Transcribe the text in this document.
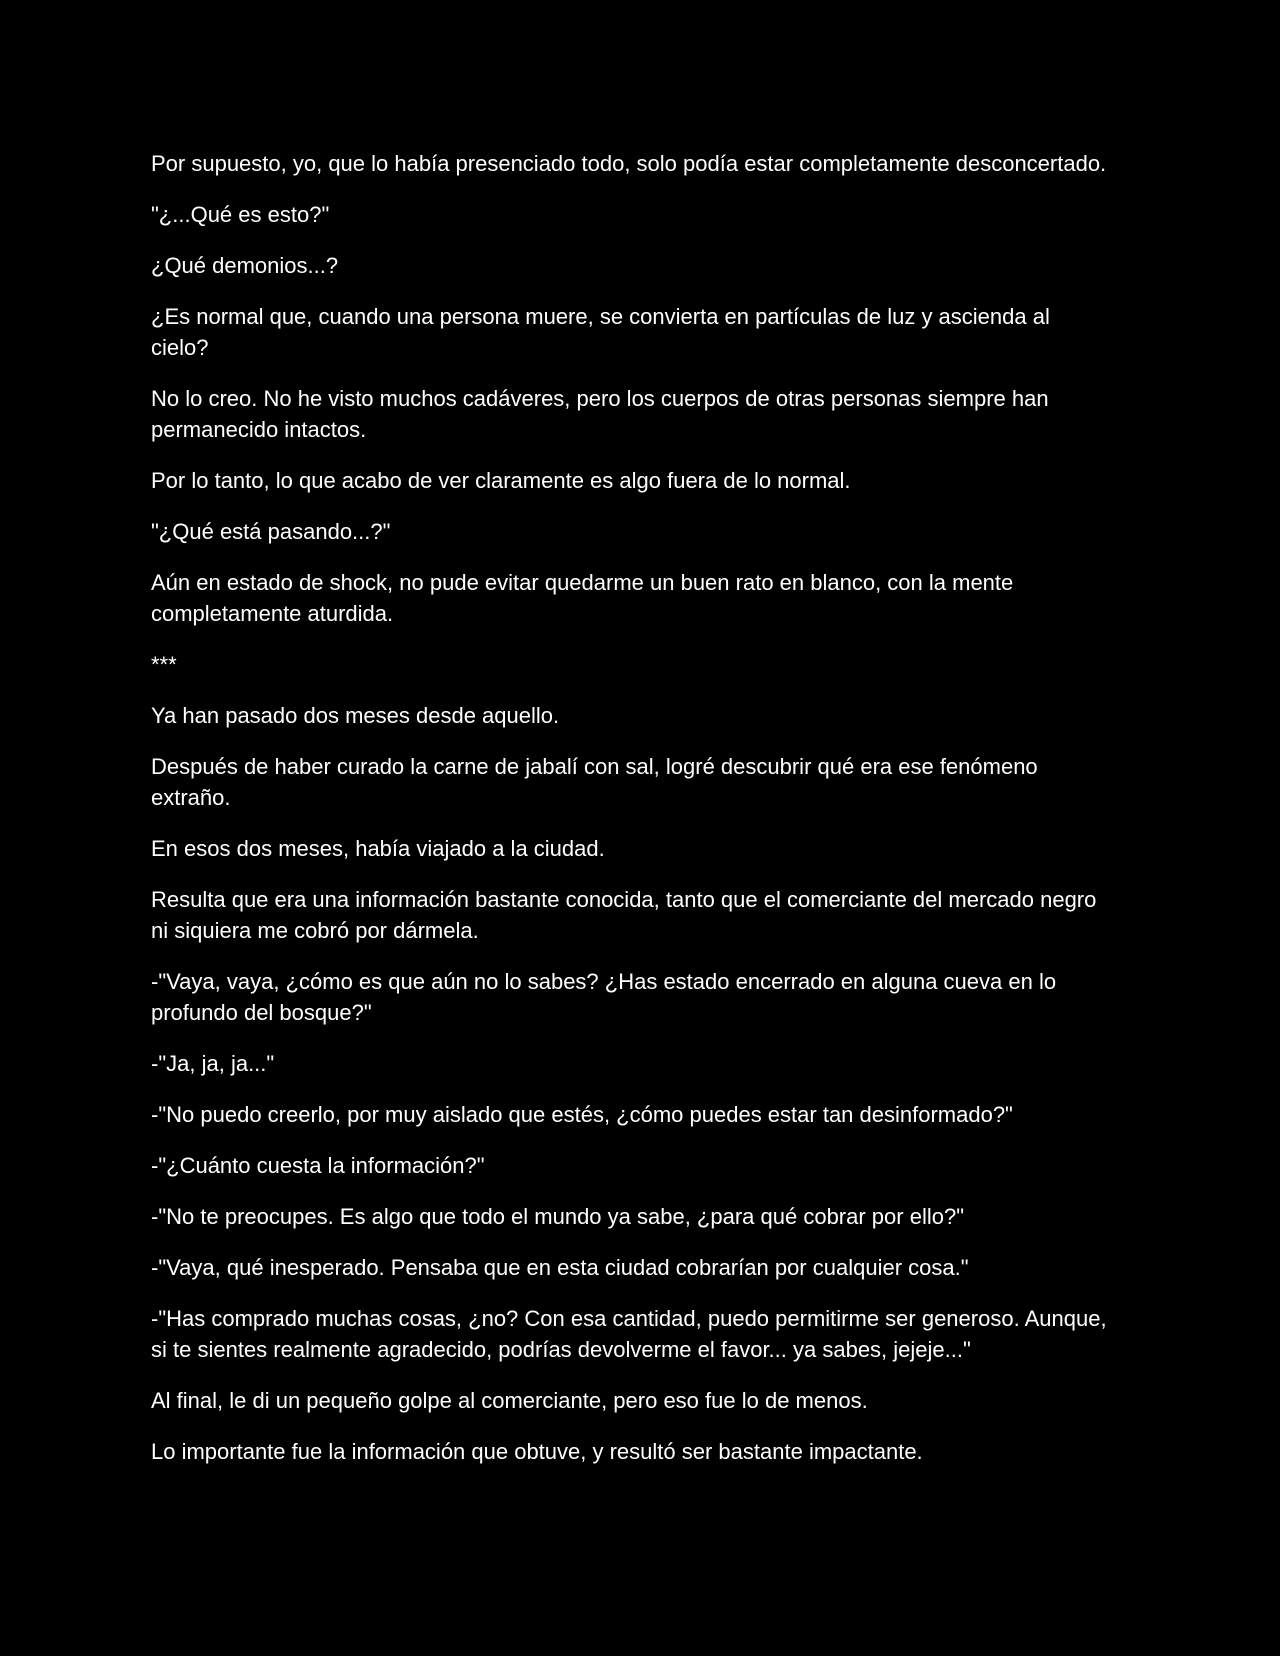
Por supuesto, yo, que lo había presenciado todo, solo podía estar completamente desconcertado.

"¿...Qué es esto?"

¿Qué demonios...?

¿Es normal que, cuando una persona muere, se convierta en partículas de luz y ascienda al cielo?

No lo creo. No he visto muchos cadáveres, pero los cuerpos de otras personas siempre han permanecido intactos.

Por lo tanto, lo que acabo de ver claramente es algo fuera de lo normal.

"¿Qué está pasando...?"

Aún en estado de shock, no pude evitar quedarme un buen rato en blanco, con la mente completamente aturdida.

***

Ya han pasado dos meses desde aquello.

Después de haber curado la carne de jabalí con sal, logré descubrir qué era ese fenómeno extraño.

En esos dos meses, había viajado a la ciudad.

Resulta que era una información bastante conocida, tanto que el comerciante del mercado negro ni siquiera me cobró por dármela.

-"Vaya, vaya, ¿cómo es que aún no lo sabes? ¿Has estado encerrado en alguna cueva en lo profundo del bosque?"

-"Ja, ja, ja..."

-"No puedo creerlo, por muy aislado que estés, ¿cómo puedes estar tan desinformado?"

-"¿Cuánto cuesta la información?"

-"No te preocupes. Es algo que todo el mundo ya sabe, ¿para qué cobrar por ello?"

-"Vaya, qué inesperado. Pensaba que en esta ciudad cobrarían por cualquier cosa."

-"Has comprado muchas cosas, ¿no? Con esa cantidad, puedo permitirme ser generoso. Aunque, si te sientes realmente agradecido, podrías devolverme el favor... ya sabes, jejeje..."

Al final, le di un pequeño golpe al comerciante, pero eso fue lo de menos.

Lo importante fue la información que obtuve, y resultó ser bastante impactante.
